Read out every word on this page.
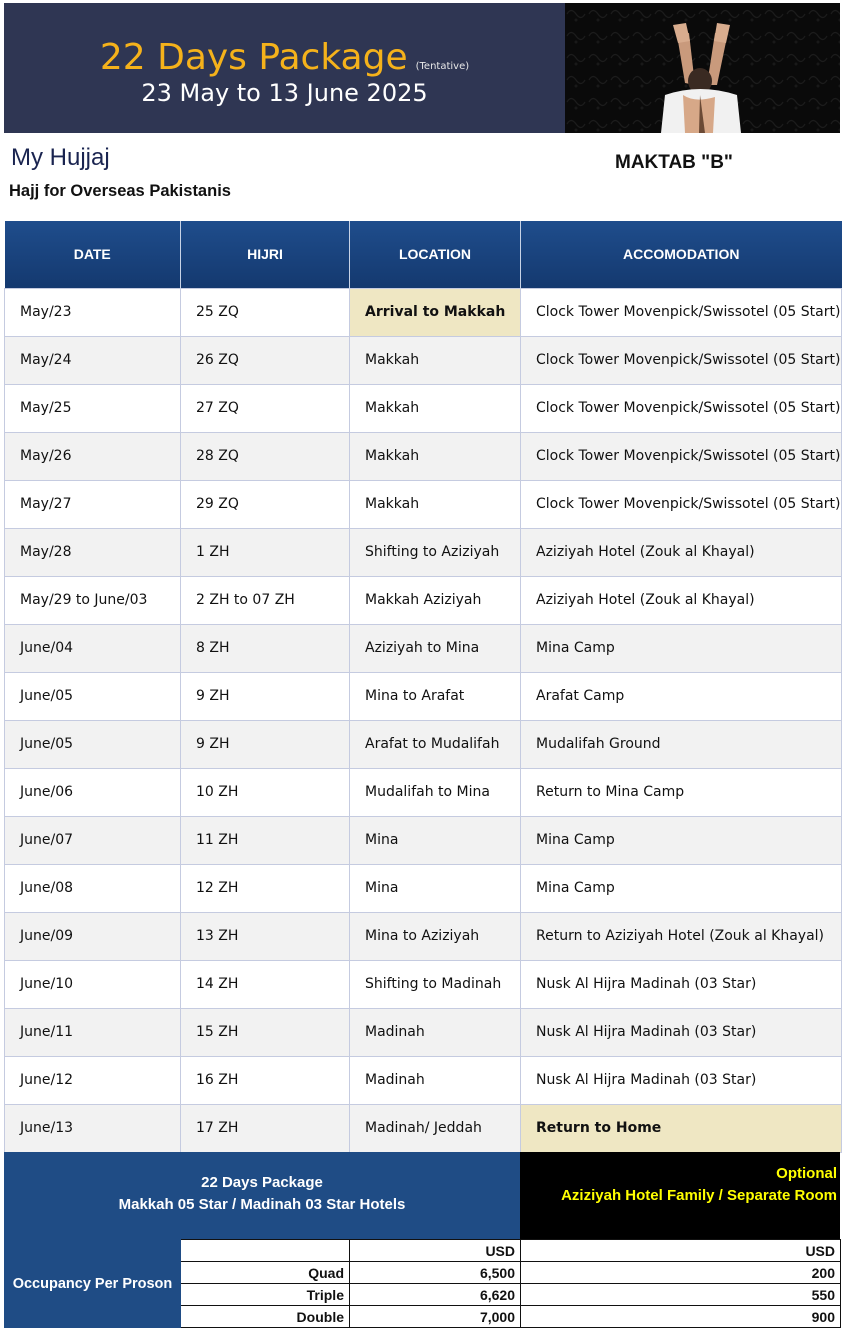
22 Days Package (Tentative)
23 May to 13 June 2025
My Hujjaj
Hajj for Overseas Pakistanis
MAKTAB "B"
DATE	HIJRI	LOCATION	ACCOMODATION
May/23	25 ZQ	Arrival to Makkah	Clock Tower Movenpick/Swissotel (05 Start)
May/24	26 ZQ	Makkah	Clock Tower Movenpick/Swissotel (05 Start)
May/25	27 ZQ	Makkah	Clock Tower Movenpick/Swissotel (05 Start)
May/26	28 ZQ	Makkah	Clock Tower Movenpick/Swissotel (05 Start)
May/27	29 ZQ	Makkah	Clock Tower Movenpick/Swissotel (05 Start)
May/28	1 ZH	Shifting to Aziziyah	Aziziyah Hotel (Zouk al Khayal)
May/29 to June/03	2 ZH to 07 ZH	Makkah Aziziyah	Aziziyah Hotel (Zouk al Khayal)
June/04	8 ZH	Aziziyah to Mina	Mina Camp
June/05	9 ZH	Mina to Arafat	Arafat Camp
June/05	9 ZH	Arafat to Mudalifah	Mudalifah Ground
June/06	10 ZH	Mudalifah to Mina	Return to Mina Camp
June/07	11 ZH	Mina	Mina Camp
June/08	12 ZH	Mina	Mina Camp
June/09	13 ZH	Mina to Aziziyah	Return to Aziziyah Hotel (Zouk al Khayal)
June/10	14 ZH	Shifting to Madinah	Nusk Al Hijra Madinah (03 Star)
June/11	15 ZH	Madinah	Nusk Al Hijra Madinah (03 Star)
June/12	16 ZH	Madinah	Nusk Al Hijra Madinah (03 Star)
June/13	17 ZH	Madinah/ Jeddah	Return to Home
22 Days Package
Makkah 05 Star / Madinah 03 Star Hotels
Optional
Aziziyah Hotel Family / Separate Room
Occupancy Per Proson		USD	USD
	Quad	6,500	200
	Triple	6,620	550
	Double	7,000	900
